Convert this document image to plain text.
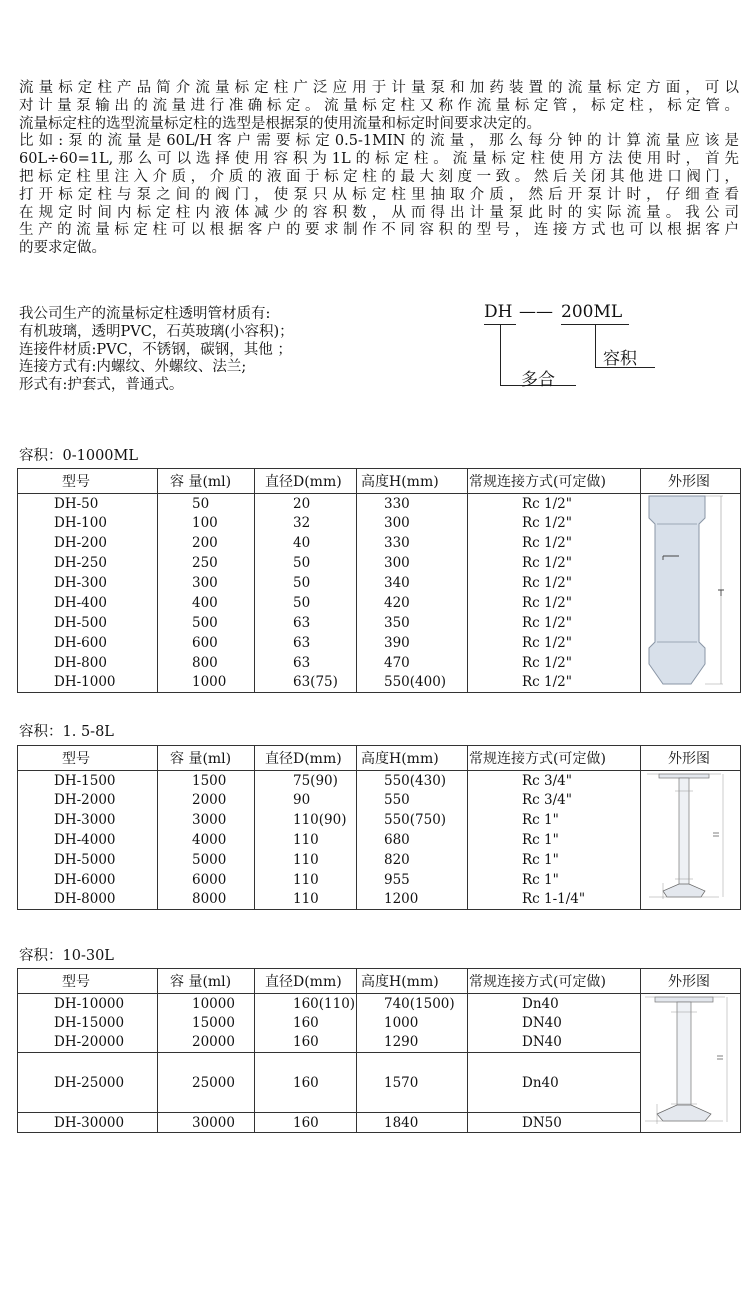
流量标定柱产品简介流量标定柱广泛应用于计量泵和加药装置的流量标定方面，可以
对计量泵输出的流量进行准确标定。流量标定柱又称作流量标定管，标定柱，标定管。
流量标定柱的选型流量标定柱的选型是根据泵的使用流量和标定时间要求决定的。
比如:泵的流量是60L/H客户需要标定0.5-1MIN的流量，那么每分钟的计算流量应该是
60L÷60=1L,那么可以选择使用容积为1L的标定柱。流量标定柱使用方法使用时，首先
把标定柱里注入介质，介质的液面于标定柱的最大刻度一致。然后关闭其他进口阀门，
打开标定柱与泵之间的阀门，使泵只从标定柱里抽取介质，然后开泵计时，仔细查看
在规定时间内标定柱内液体减少的容积数，从而得出计量泵此时的实际流量。我公司
生产的流量标定柱可以根据客户的要求制作不同容积的型号，连接方式也可以根据客户
的要求定做。
我公司生产的流量标定柱透明管材质有:
有机玻璃，透明PVC，石英玻璃(小容积)；
连接件材质:PVC，不锈钢，碳钢，其他 ；
连接方式有:内螺纹、外螺纹、法兰;
形式有:护套式，普通式。
DH —— 200ML
容积
多合
容积：0-1000ML
型号	容 量(ml)	直径D(mm)	高度H(mm)	常规连接方式(可定做)	外形图
DH-50	50	20	330	Rc 1/2"	
DH-100	100	32	300	Rc 1/2"	
DH-200	200	40	330	Rc 1/2"	
DH-250	250	50	300	Rc 1/2"	
DH-300	300	50	340	Rc 1/2"	
DH-400	400	50	420	Rc 1/2"	
DH-500	500	63	350	Rc 1/2"	
DH-600	600	63	390	Rc 1/2"	
DH-800	800	63	470	Rc 1/2"	
DH-1000	1000	63(75)	550(400)	Rc 1/2"	
容积：1. 5-8L
型号	容 量(ml)	直径D(mm)	高度H(mm)	常规连接方式(可定做)	外形图
DH-1500	1500	75(90)	550(430)	Rc 3/4"	
DH-2000	2000	90	550	Rc 3/4"	
DH-3000	3000	110(90)	550(750)	Rc 1"	
DH-4000	4000	110	680	Rc 1"	
DH-5000	5000	110	820	Rc 1"	
DH-6000	6000	110	955	Rc 1"	
DH-8000	8000	110	1200	Rc 1-1/4"	
容积：10-30L
型号	容 量(ml)	直径D(mm)	高度H(mm)	常规连接方式(可定做)	外形图
DH-10000	10000	160(110)	740(1500)	Dn40	
DH-15000	15000	160	1000	DN40	
DH-20000	20000	160	1290	DN40	
DH-25000	25000	160	1570	Dn40	
DH-30000	30000	160	1840	DN50	
